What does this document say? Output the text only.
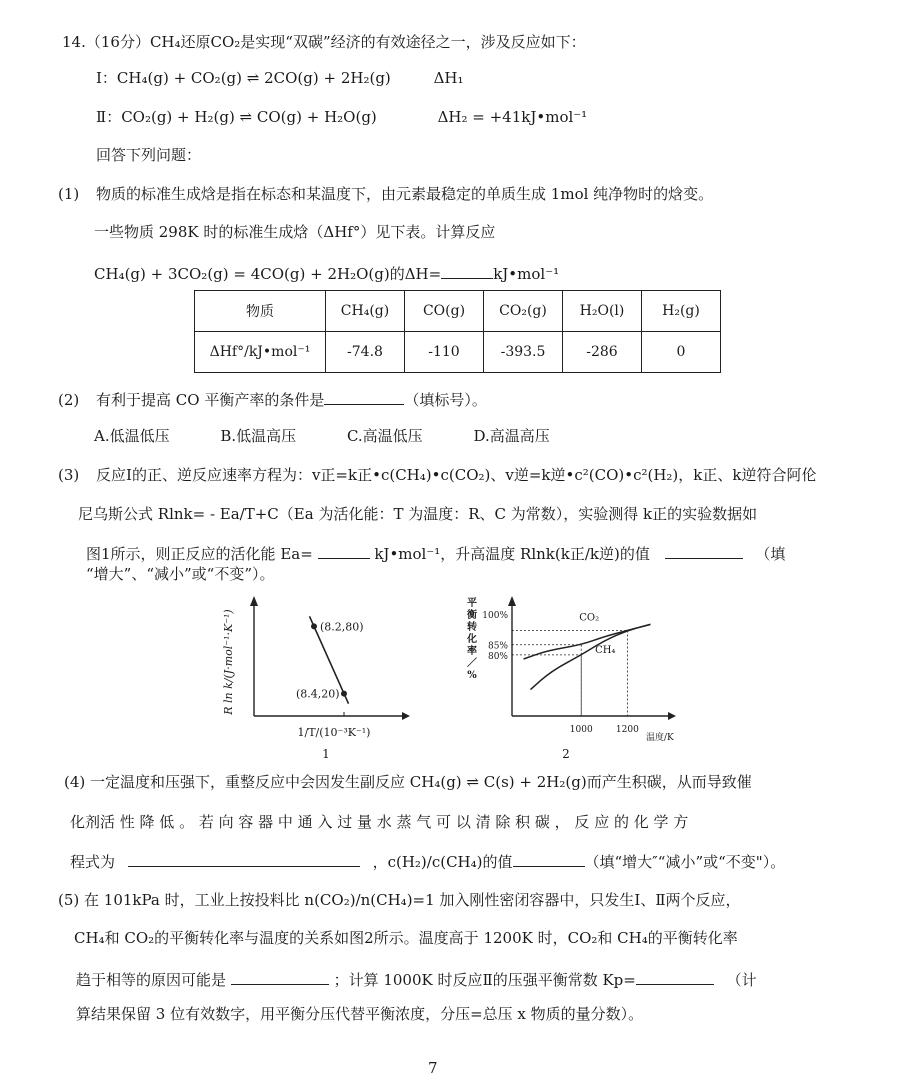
14.（16分）CH₄还原CO₂是实现“双碳”经济的有效途径之一，涉及反应如下：
Ⅰ：CH₄(g) + CO₂(g) ⇌ 2CO(g) + 2H₂(g)	ΔH₁
Ⅱ：CO₂(g) + H₂(g) ⇌ CO(g) + H₂O(g)	ΔH₂ = +41kJ•mol⁻¹
回答下列问题：
(1) 物质的标准生成焓是指在标态和某温度下，由元素最稳定的单质生成 1mol 纯净物时的焓变。
一些物质 298K 时的标准生成焓（ΔHf°）见下表。计算反应
CH₄(g) + 3CO₂(g) = 4CO(g) + 2H₂O(g)的ΔH=	kJ•mol⁻¹
物质	CH₄(g)	CO(g)	CO₂(g)	H₂O(l)	H₂(g)
ΔHf°/kJ•mol⁻¹	-74.8	-110	-393.5	-286	0
(2) 有利于提高 CO 平衡产率的条件是	（填标号）。
A.低温低压	B.低温高压	C.高温低压	D.高温高压
(3) 反应Ⅰ的正、逆反应速率方程为：v正=k正•c(CH₄)•c(CO₂)、v逆=k逆•c²(CO)•c²(H₂)，k正、k逆符合阿伦
尼乌斯公式 Rlnk= - Ea/T+C（Ea 为活化能：T 为温度：R、C 为常数），实验测得 k正的实验数据如
图1所示，则正反应的活化能 Ea=	kJ•mol⁻¹，升高温度 Rlnk(k正/k逆)的值	（填
“增大”、“减小”或“不变”）。
(8.2,80)
(8.4,20)
R ln k/(J·mol⁻¹·K⁻¹)
1/T/(10⁻³K⁻¹)
1
平
衡
转
化
率
／
%
100%
85%
80%
1000	1200
CO₂
CH₄
温度/K
2
(4) 一定温度和压强下，重整反应中会因发生副反应 CH₄(g) ⇌ C(s) + 2H₂(g)而产生积碳，从而导致催
化剂活 性 降 低 。 若 向 容 器 中 通 入 过 量 水 蒸 气 可 以 清 除 积 碳 ， 反 应 的 化 学 方
程式为	，c(H₂)/c(CH₄)的值	（填“增大″“减小”或“不变"）。
(5) 在 101kPa 时，工业上按投料比 n(CO₂)/n(CH₄)=1 加入刚性密闭容器中，只发生Ⅰ、Ⅱ两个反应，
CH₄和 CO₂的平衡转化率与温度的关系如图2所示。温度高于 1200K 时，CO₂和 CH₄的平衡转化率
趋于相等的原因可能是	；计算 1000K 时反应Ⅱ的压强平衡常数 Kp=	（计
算结果保留 3 位有效数字，用平衡分压代替平衡浓度，分压=总压 x 物质的量分数）。
7
